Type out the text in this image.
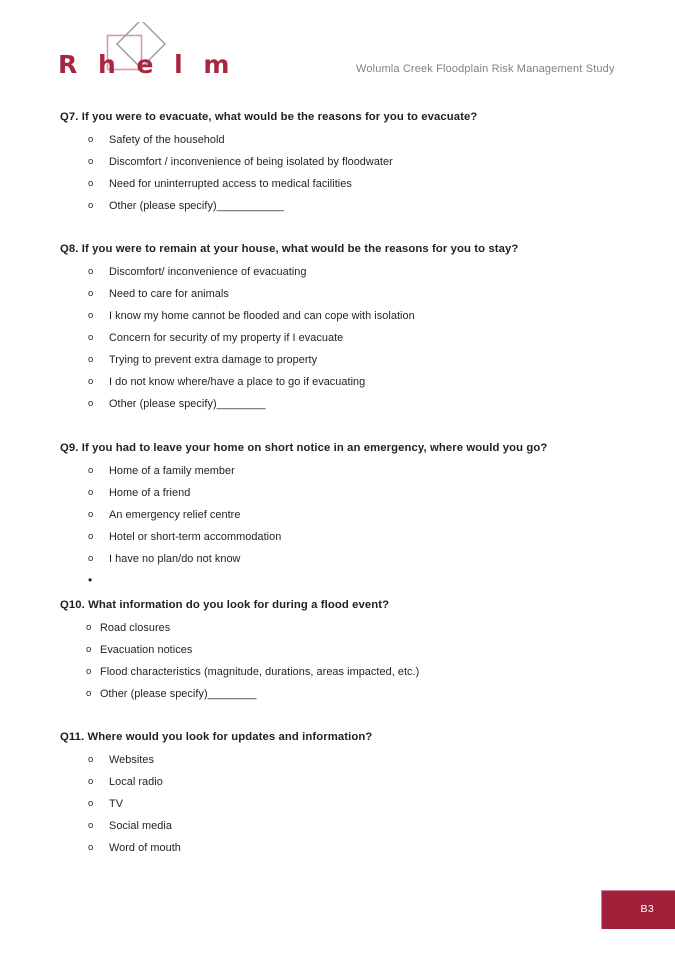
R h e l m	Wolumla Creek Floodplain Risk Management Study
Q7. If you were to evacuate, what would be the reasons for you to evacuate?
o	Safety of the household
o	Discomfort / inconvenience of being isolated by floodwater
o	Need for uninterrupted access to medical facilities
o	Other (please specify)___________
Q8. If you were to remain at your house, what would be the reasons for you to stay?
o	Discomfort/ inconvenience of evacuating
o	Need to care for animals
o	I know my home cannot be flooded and can cope with isolation
o	Concern for security of my property if I evacuate
o	Trying to prevent extra damage to property
o	I do not know where/have a place to go if evacuating
o	Other (please specify)________
Q9. If you had to leave your home on short notice in an emergency, where would you go?
o	Home of a family member
o	Home of a friend
o	An emergency relief centre
o	Hotel or short-term accommodation
o	I have no plan/do not know
•
Q10. What information do you look for during a flood event?
o Road closures
o Evacuation notices
o Flood characteristics (magnitude, durations, areas impacted, etc.)
o Other (please specify)________
Q11. Where would you look for updates and information?
o	Websites
o	Local radio
o	TV
o	Social media
o	Word of mouth
B3
